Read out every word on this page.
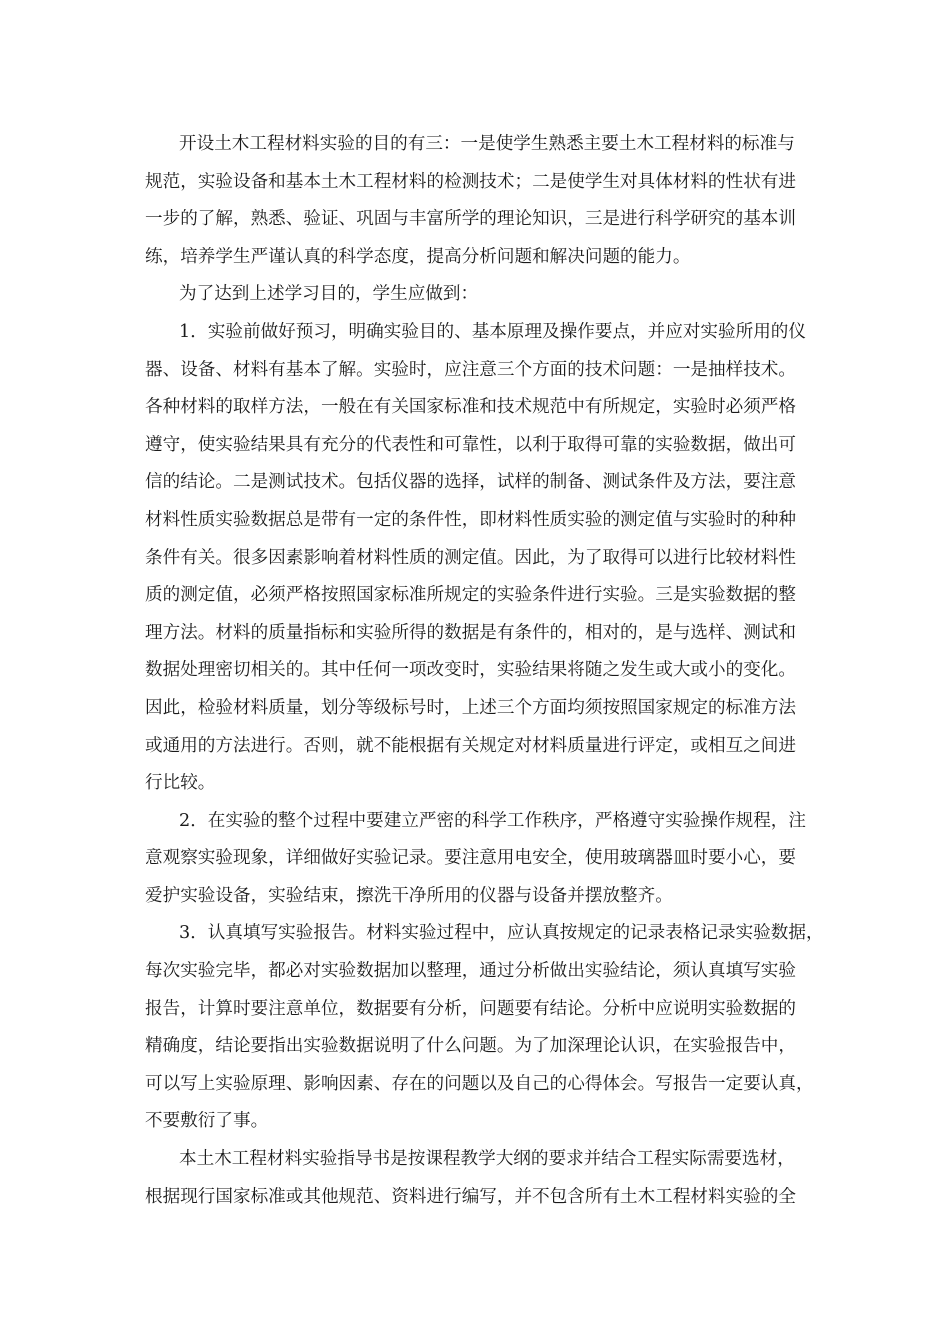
开设土木工程材料实验的目的有三：一是使学生熟悉主要土木工程材料的标准与
规范，实验设备和基本土木工程材料的检测技术；二是使学生对具体材料的性状有进
一步的了解，熟悉、验证、巩固与丰富所学的理论知识，三是进行科学研究的基本训
练，培养学生严谨认真的科学态度，提高分析问题和解决问题的能力。
为了达到上述学习目的，学生应做到：
1．实验前做好预习，明确实验目的、基本原理及操作要点，并应对实验所用的仪
器、设备、材料有基本了解。实验时，应注意三个方面的技术问题：一是抽样技术。
各种材料的取样方法，一般在有关国家标准和技术规范中有所规定，实验时必须严格
遵守，使实验结果具有充分的代表性和可靠性，以利于取得可靠的实验数据，做出可
信的结论。二是测试技术。包括仪器的选择，试样的制备、测试条件及方法，要注意
材料性质实验数据总是带有一定的条件性，即材料性质实验的测定值与实验时的种种
条件有关。很多因素影响着材料性质的测定值。因此，为了取得可以进行比较材料性
质的测定值，必须严格按照国家标准所规定的实验条件进行实验。三是实验数据的整
理方法。材料的质量指标和实验所得的数据是有条件的，相对的，是与选样、测试和
数据处理密切相关的。其中任何一项改变时，实验结果将随之发生或大或小的变化。
因此，检验材料质量，划分等级标号时，上述三个方面均须按照国家规定的标准方法
或通用的方法进行。否则，就不能根据有关规定对材料质量进行评定，或相互之间进
行比较。
2．在实验的整个过程中要建立严密的科学工作秩序，严格遵守实验操作规程，注
意观察实验现象，详细做好实验记录。要注意用电安全，使用玻璃器皿时要小心，要
爱护实验设备，实验结束，擦洗干净所用的仪器与设备并摆放整齐。
3．认真填写实验报告。材料实验过程中，应认真按规定的记录表格记录实验数据，
每次实验完毕，都必对实验数据加以整理，通过分析做出实验结论，须认真填写实验
报告，计算时要注意单位，数据要有分析，问题要有结论。分析中应说明实验数据的
精确度，结论要指出实验数据说明了什么问题。为了加深理论认识，在实验报告中，
可以写上实验原理、影响因素、存在的问题以及自己的心得体会。写报告一定要认真，
不要敷衍了事。
本土木工程材料实验指导书是按课程教学大纲的要求并结合工程实际需要选材，
根据现行国家标准或其他规范、资料进行编写，并不包含所有土木工程材料实验的全
